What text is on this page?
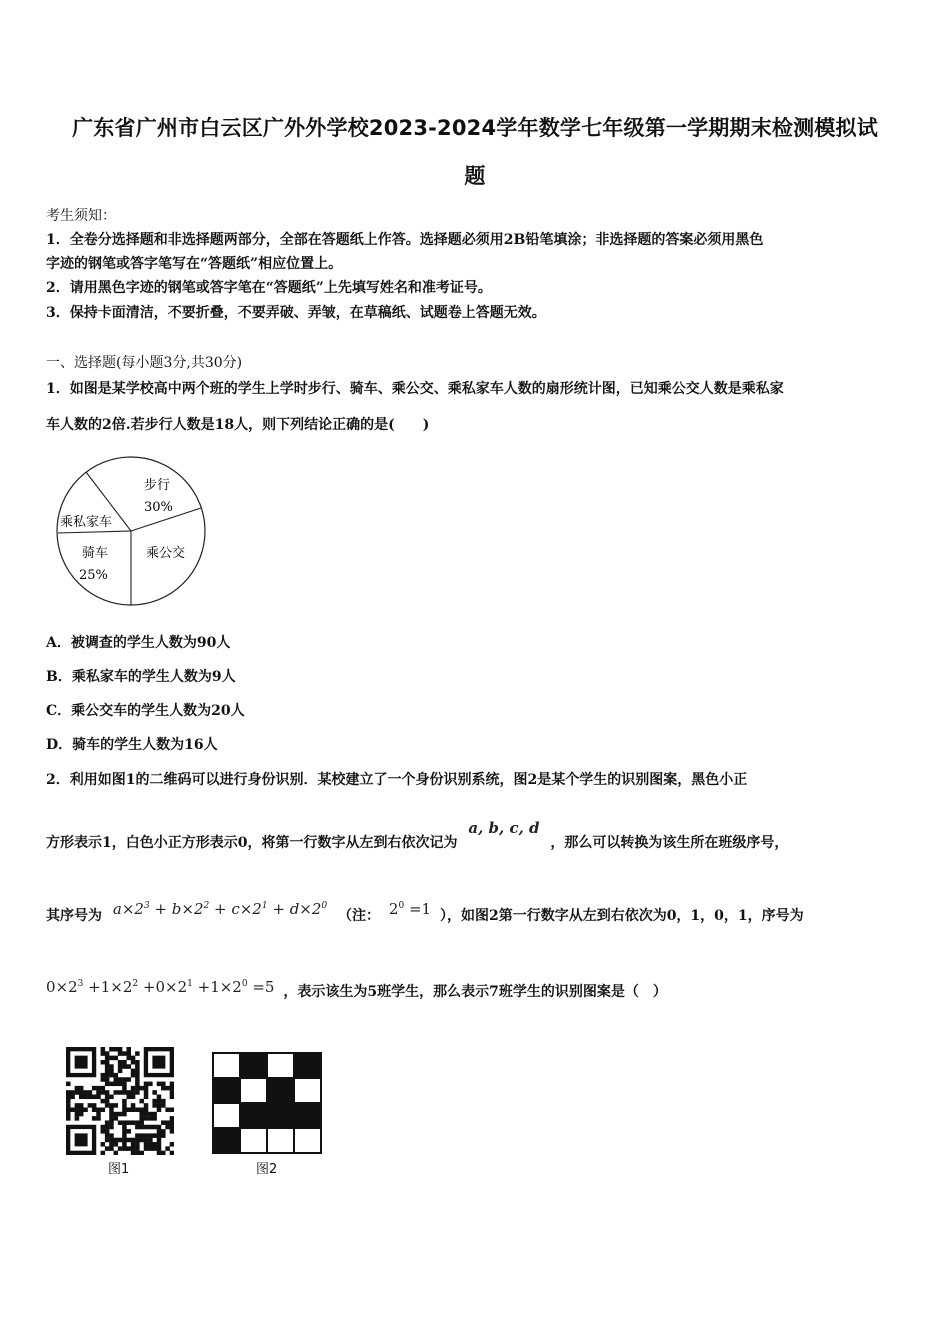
广东省广州市白云区广外外学校2023-2024学年数学七年级第一学期期末检测模拟试
题
考生须知：
1．全卷分选择题和非选择题两部分，全部在答题纸上作答。选择题必须用2B铅笔填涂；非选择题的答案必须用黑色
字迹的钢笔或答字笔写在“答题纸”相应位置上。
2．请用黑色字迹的钢笔或答字笔在“答题纸”上先填写姓名和准考证号。
3．保持卡面清洁，不要折叠，不要弄破、弄皱，在草稿纸、试题卷上答题无效。
一、选择题(每小题3分,共30分)
1．如图是某学校高中两个班的学生上学时步行、骑车、乘公交、乘私家车人数的扇形统计图，已知乘公交人数是乘私家
车人数的2倍.若步行人数是18人，则下列结论正确的是(　　)
步行
30%
乘私家车
骑车
25%
乘公交
A．被调查的学生人数为90人
B．乘私家车的学生人数为9人
C．乘公交车的学生人数为20人
D．骑车的学生人数为16人
2．利用如图1的二维码可以进行身份识别．某校建立了一个身份识别系统，图2是某个学生的识别图案，黑色小正
方形表示1，白色小正方形表示0，将第一行数字从左到右依次记为 a, b, c, d ，那么可以转换为该生所在班级序号，
其序号为 $a\times 2^3 + b\times 2^2 + c\times 2^1 + d\times 2^0$ （注： $2^0 =1$ ），如图2第一行数字从左到右依次为0，1，0，1，序号为
$0\times 2^3 +1\times 2^2 +0\times 2^1 +1\times 2^0 =5$ ，表示该生为5班学生，那么表示7班学生的识别图案是（　）
图1	图2
